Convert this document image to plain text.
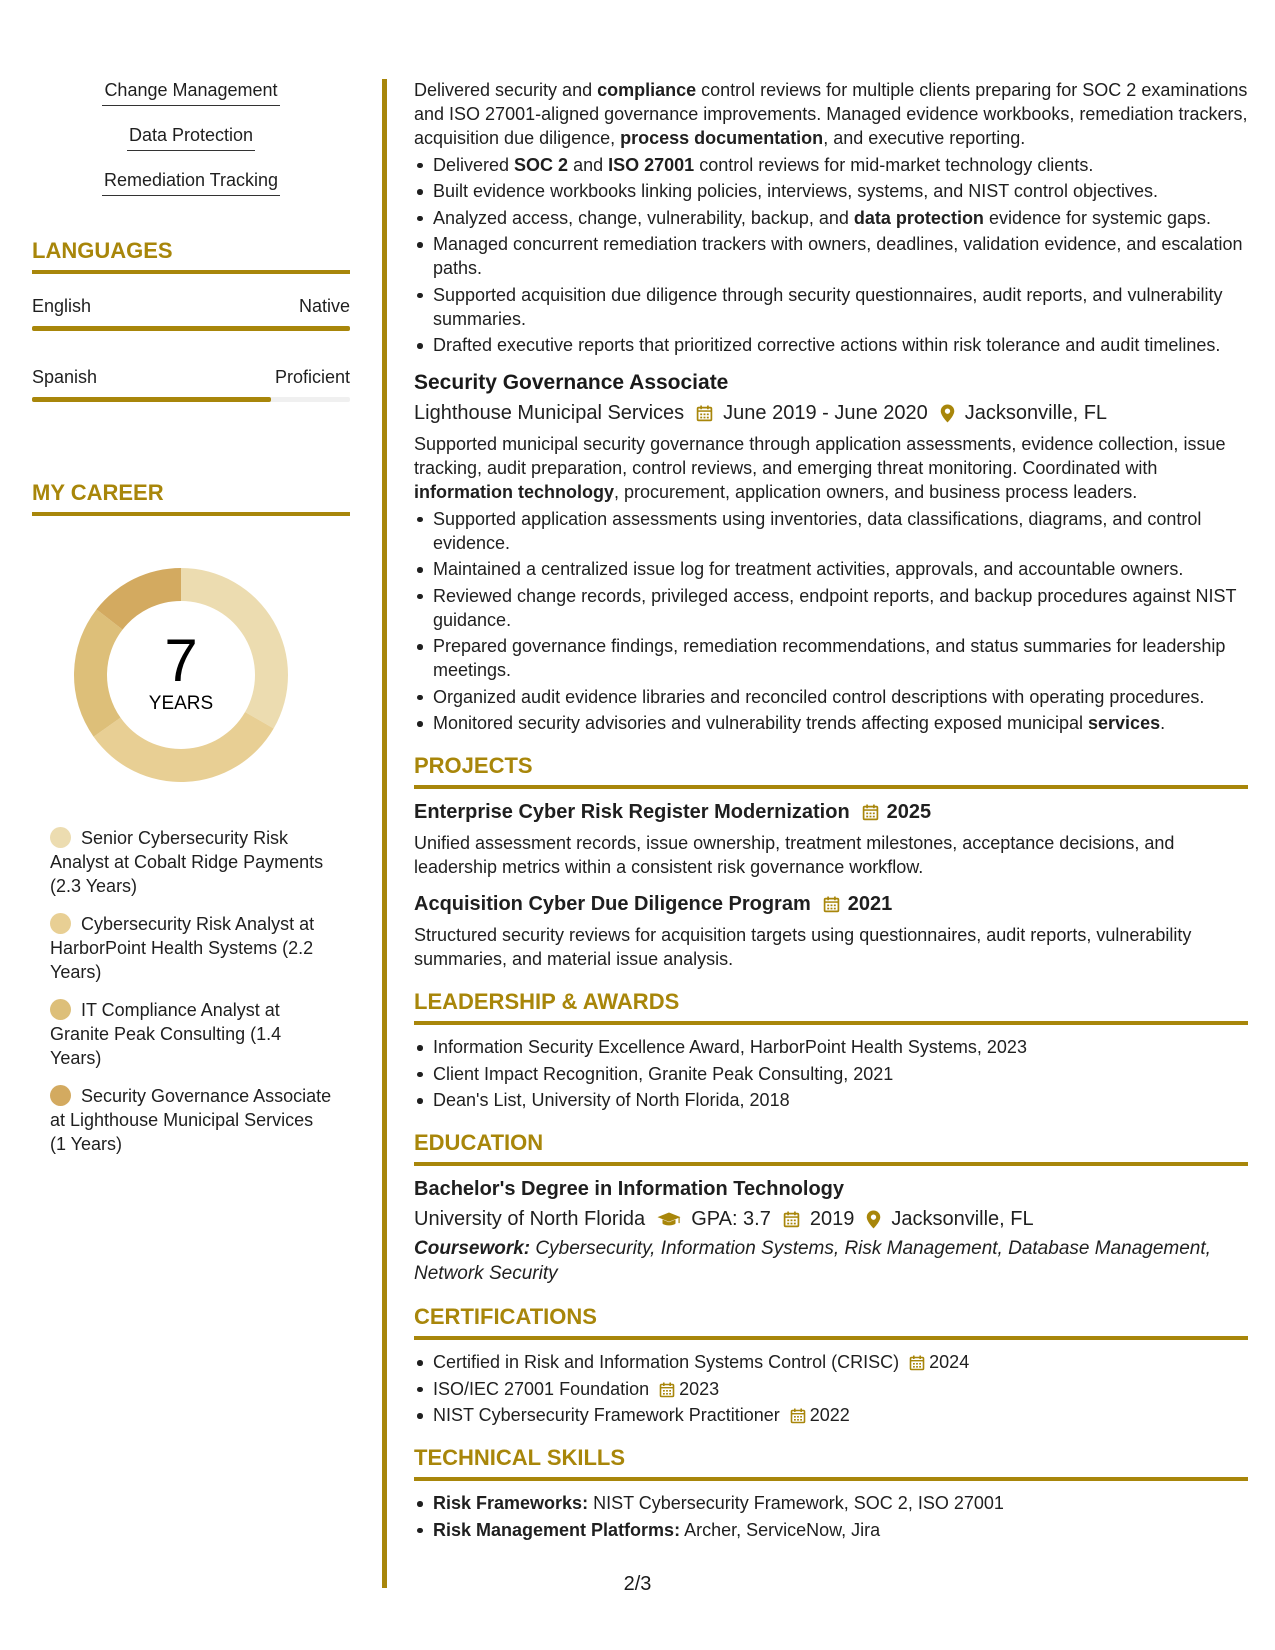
Change Management
Data Protection
Remediation Tracking
LANGUAGES
English	Native
Spanish	Proficient
MY CAREER
7
YEARS
Senior Cybersecurity Risk Analyst at Cobalt Ridge Payments (2.3 Years)
Cybersecurity Risk Analyst at HarborPoint Health Systems (2.2 Years)
IT Compliance Analyst at Granite Peak Consulting (1.4 Years)
Security Governance Associate at Lighthouse Municipal Services (1 Years)

Delivered security and compliance control reviews for multiple clients preparing for SOC 2 examinations and ISO 27001-aligned governance improvements. Managed evidence workbooks, remediation trackers, acquisition due diligence, process documentation, and executive reporting.

Delivered SOC 2 and ISO 27001 control reviews for mid-market technology clients.
Built evidence workbooks linking policies, interviews, systems, and NIST control objectives.
Analyzed access, change, vulnerability, backup, and data protection evidence for systemic gaps.
Managed concurrent remediation trackers with owners, deadlines, validation evidence, and escalation paths.
Supported acquisition due diligence through security questionnaires, audit reports, and vulnerability summaries.
Drafted executive reports that prioritized corrective actions within risk tolerance and audit timelines.
Security Governance Associate
Lighthouse Municipal Services June 2019 - June 2020 Jacksonville, FL

Supported municipal security governance through application assessments, evidence collection, issue tracking, audit preparation, control reviews, and emerging threat monitoring. Coordinated with information technology, procurement, application owners, and business process leaders.

Supported application assessments using inventories, data classifications, diagrams, and control evidence.
Maintained a centralized issue log for treatment activities, approvals, and accountable owners.
Reviewed change records, privileged access, endpoint reports, and backup procedures against NIST guidance.
Prepared governance findings, remediation recommendations, and status summaries for leadership meetings.
Organized audit evidence libraries and reconciled control descriptions with operating procedures.
Monitored security advisories and vulnerability trends affecting exposed municipal services.
PROJECTS
Enterprise Cyber Risk Register Modernization 2025

Unified assessment records, issue ownership, treatment milestones, acceptance decisions, and leadership metrics within a consistent risk governance workflow.

Acquisition Cyber Due Diligence Program 2021

Structured security reviews for acquisition targets using questionnaires, audit reports, vulnerability summaries, and material issue analysis.

LEADERSHIP & AWARDS
Information Security Excellence Award, HarborPoint Health Systems, 2023
Client Impact Recognition, Granite Peak Consulting, 2021
Dean's List, University of North Florida, 2018
EDUCATION
Bachelor's Degree in Information Technology
University of North Florida GPA: 3.7 2019 Jacksonville, FL

Coursework: Cybersecurity, Information Systems, Risk Management, Database Management, Network Security

CERTIFICATIONS
Certified in Risk and Information Systems Control (CRISC) 2024
ISO/IEC 27001 Foundation 2023
NIST Cybersecurity Framework Practitioner 2022
TECHNICAL SKILLS
Risk Frameworks: NIST Cybersecurity Framework, SOC 2, ISO 27001
Risk Management Platforms: Archer, ServiceNow, Jira
2/3
